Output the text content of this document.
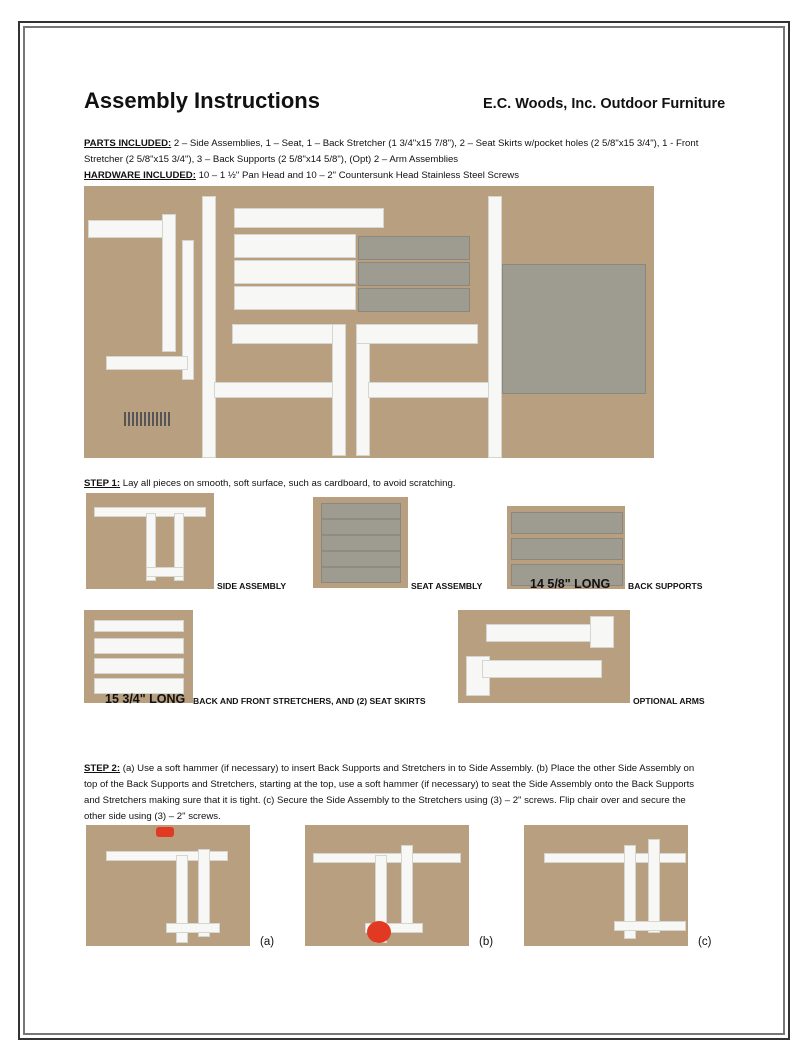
Assembly Instructions	E.C. Woods, Inc. Outdoor Furniture
PARTS INCLUDED: 2 – Side Assemblies, 1 – Seat, 1 – Back Stretcher (1 3/4"x15 7/8"), 2 – Seat Skirts w/pocket holes (2 5/8"x15 3/4"), 1 - Front
Stretcher (2 5/8"x15 3/4"), 3 – Back Supports (2 5/8"x14 5/8"), (Opt) 2 – Arm Assemblies
HARDWARE INCLUDED: 10 – 1 ½" Pan Head and 10 – 2" Countersunk Head Stainless Steel Screws
STEP 1: Lay all pieces on smooth, soft surface, such as cardboard, to avoid scratching.
SIDE ASSEMBLY	SEAT ASSEMBLY	14 5/8" LONG BACK SUPPORTS
15 3/4" LONG BACK AND FRONT STRETCHERS, AND (2) SEAT SKIRTS	OPTIONAL ARMS
STEP 2: (a) Use a soft hammer (if necessary) to insert Back Supports and Stretchers in to Side Assembly. (b) Place the other Side Assembly on
top of the Back Supports and Stretchers, starting at the top, use a soft hammer (if necessary) to seat the Side Assembly onto the Back Supports
and Stretchers making sure that it is tight. (c) Secure the Side Assembly to the Stretchers using (3) – 2" screws. Flip chair over and secure the
other side using (3) – 2" screws.
(a)	(b)	(c)
